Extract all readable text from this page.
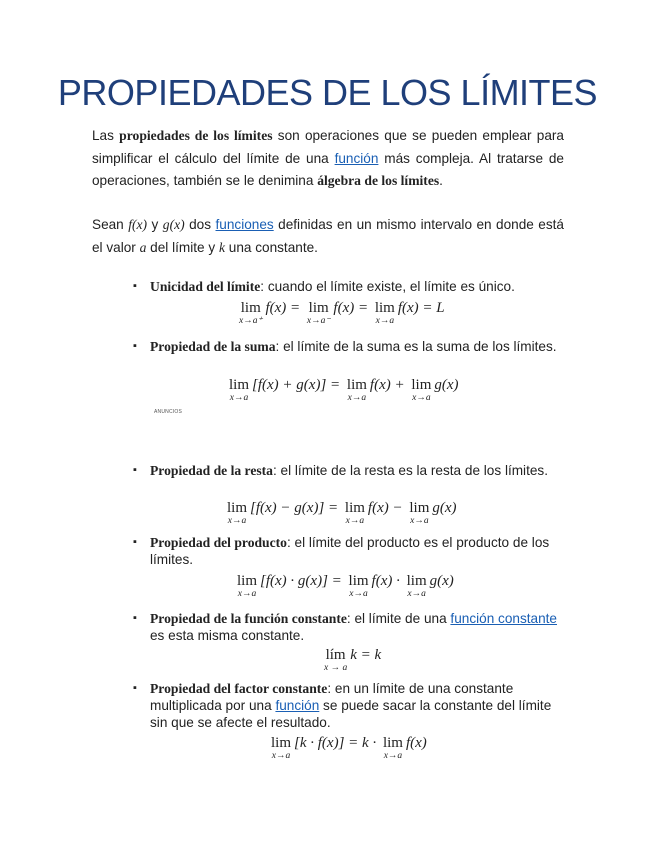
PROPIEDADES DE LOS LÍMITES
Las propiedades de los límites son operaciones que se pueden emplear para simplificar el cálculo del límite de una función más compleja. Al tratarse de operaciones, también se le denimina álgebra de los límites.
Sean f(x) y g(x) dos funciones definidas en un mismo intervalo en donde está el valor a del límite y k una constante.
▪ Unicidad del límite: cuando el límite existe, el límite es único.
lim
x→a⁺
f(x) = lim
x→a⁻
f(x) = lim
x→a
f(x) = L
▪ Propiedad de la suma: el límite de la suma es la suma de los límites.
lim
x→a
[f(x) + g(x)] = lim
x→a
f(x) + lim
x→a
g(x)
ANUNCIOS
▪ Propiedad de la resta: el límite de la resta es la resta de los límites.
lim
x→a
[f(x) − g(x)] = lim
x→a
f(x) − lim
x→a
g(x)
▪ Propiedad del producto: el límite del producto es el producto de los límites.
lim
x→a
[f(x) · g(x)] = lim
x→a
f(x) · lim
x→a
g(x)
▪ Propiedad de la función constante: el límite de una función constante es esta misma constante.
lím
x → a
k = k
▪ Propiedad del factor constante: en un límite de una constante multiplicada por una función se puede sacar la constante del límite sin que se afecte el resultado.
lim
x→a
[k · f(x)] = k · lim
x→a
f(x)
